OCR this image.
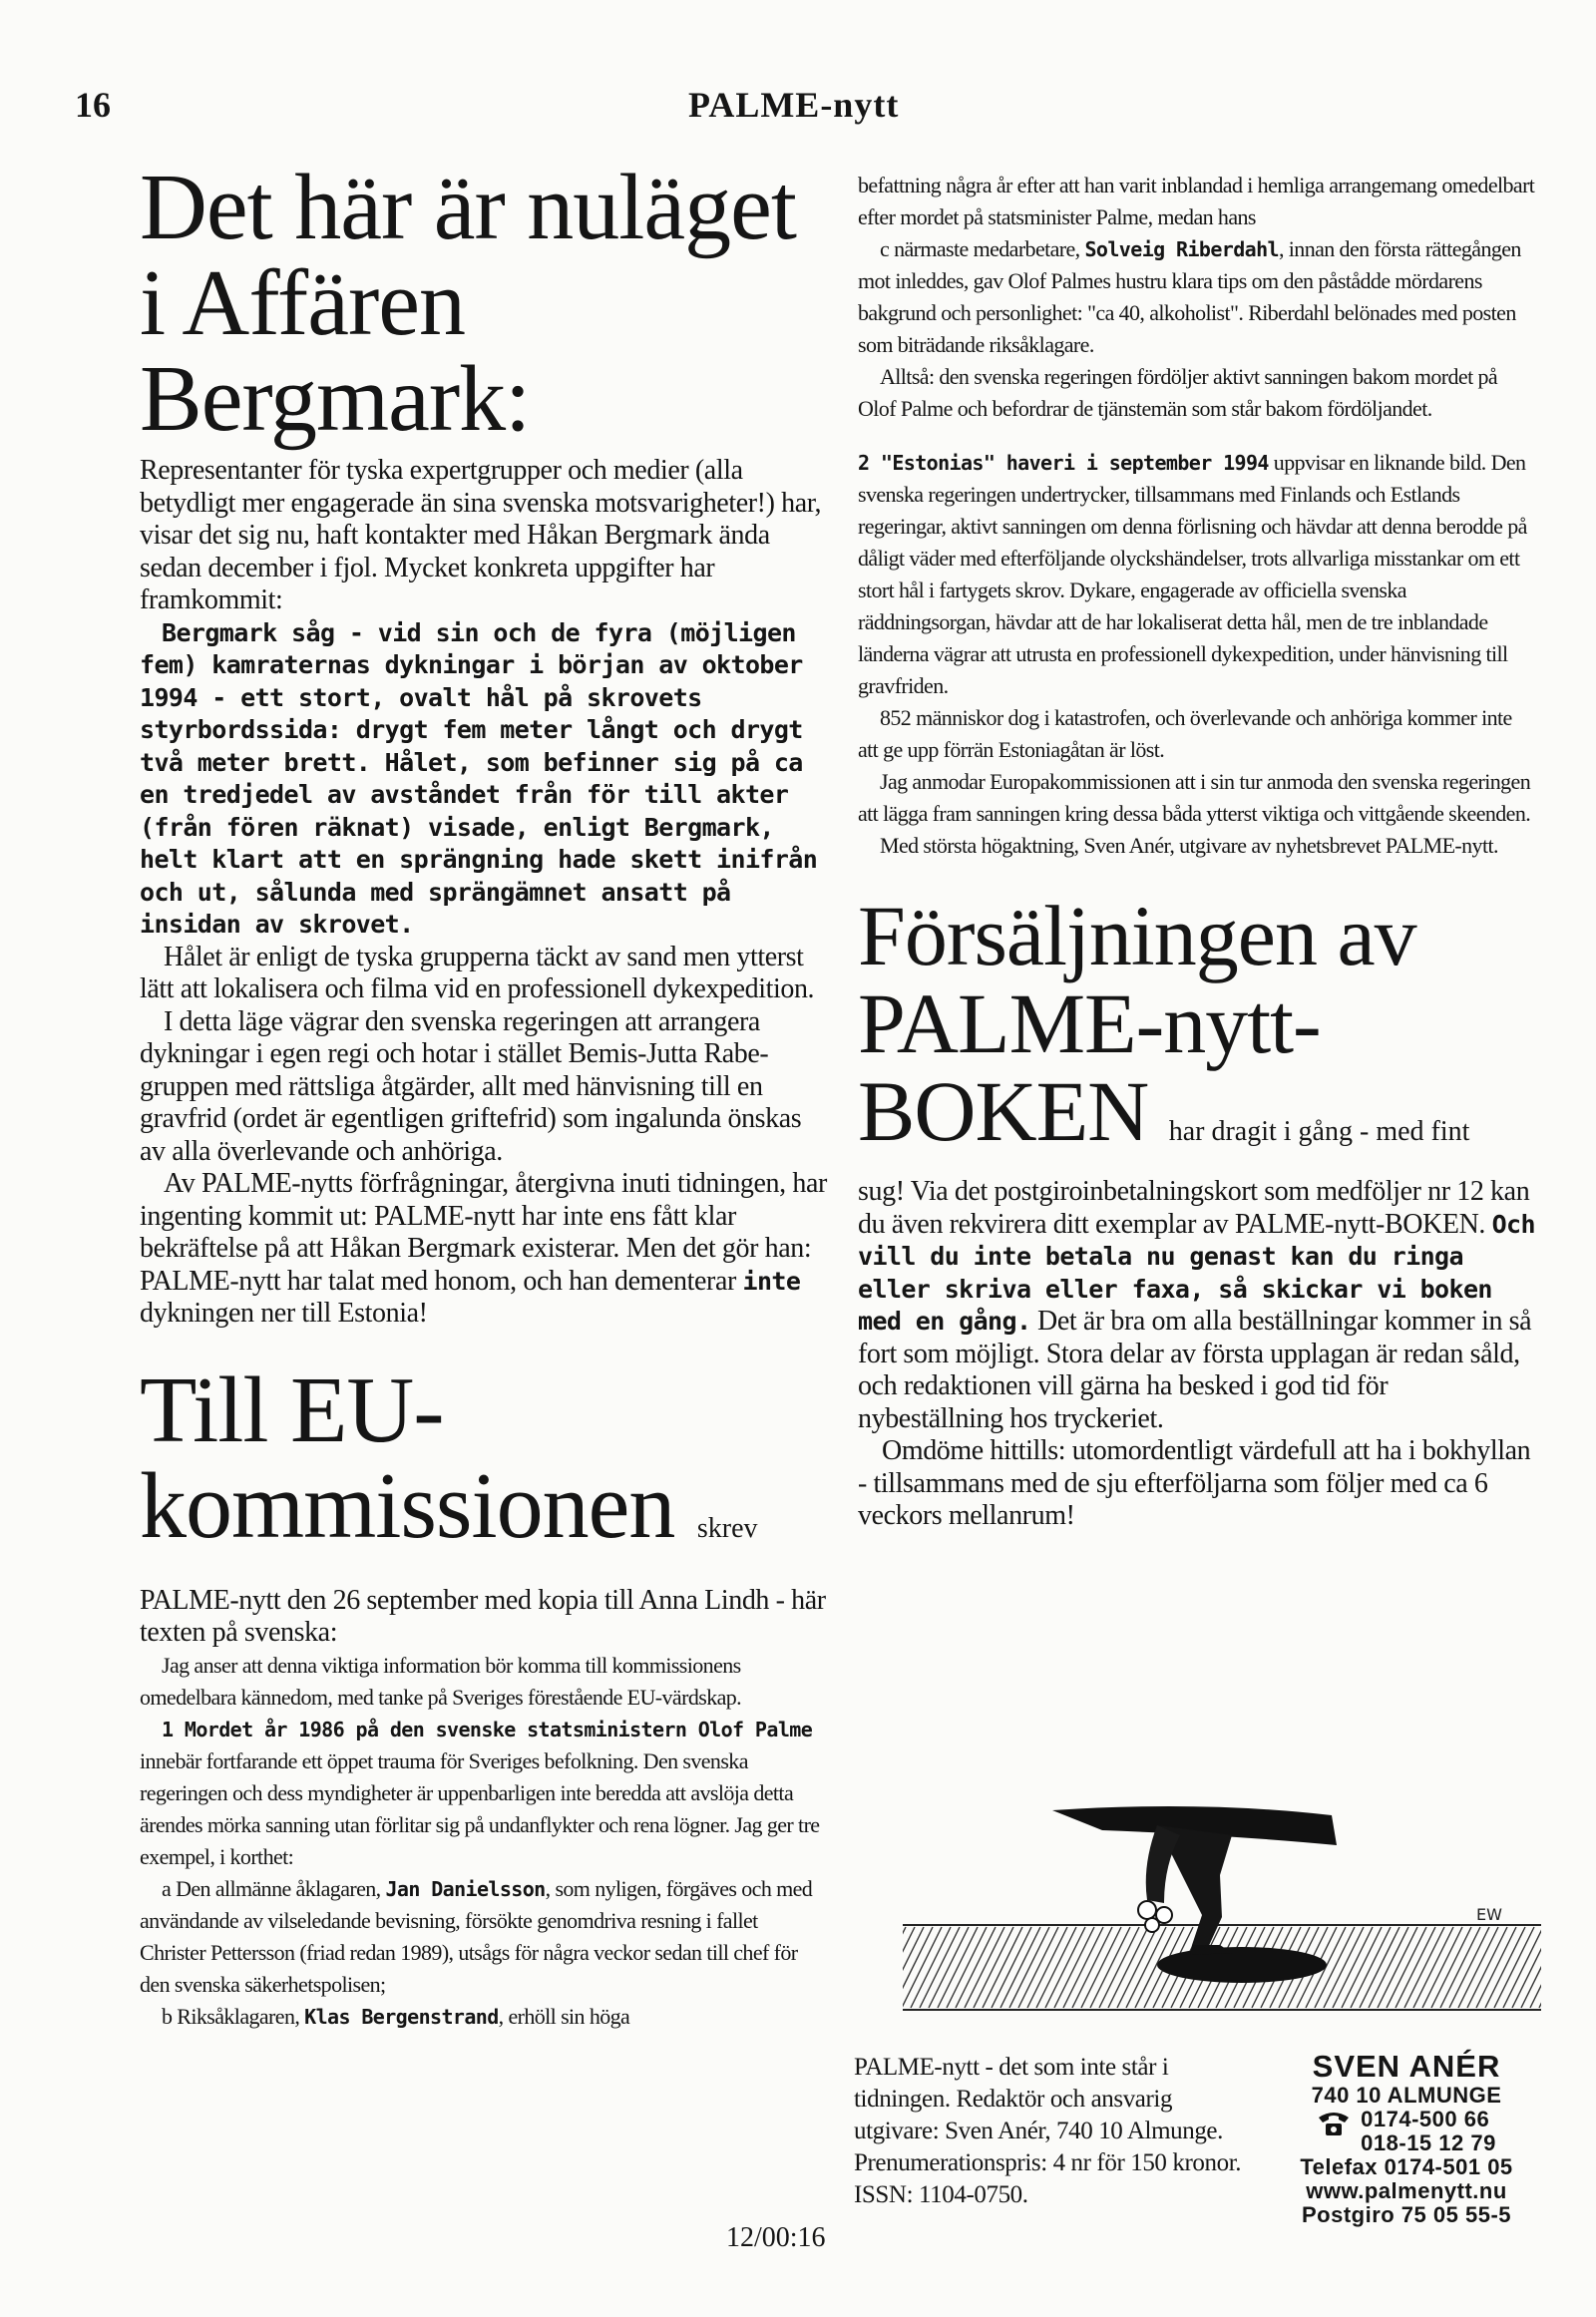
16	PALME-nytt
Det här är nuläget i Affären Bergmark:

Representanter för tyska expertgrupper och medier (alla betydligt mer engagerade än sina svenska motsvarigheter!) har, visar det sig nu, haft kontakter med Håkan Bergmark ända sedan december i fjol. Mycket konkreta uppgifter har framkommit:

Bergmark såg - vid sin och de fyra (möjligen fem) kamraternas dykningar i början av oktober 1994 - ett stort, ovalt hål på skrovets styrbordssida: drygt fem meter långt och drygt två meter brett. Hålet, som befinner sig på ca en tredjedel av avståndet från för till akter (från fören räknat) visade, enligt Bergmark, helt klart att en sprängning hade skett inifrån och ut, sålunda med sprängämnet ansatt på insidan av skrovet.

Hålet är enligt de tyska grupperna täckt av sand men ytterst lätt att lokalisera och filma vid en professionell dykexpedition.

I detta läge vägrar den svenska regeringen att arrangera dykningar i egen regi och hotar i stället Bemis-Jutta Rabe-gruppen med rättsliga åtgärder, allt med hänvisning till en gravfrid (ordet är egentligen griftefrid) som ingalunda önskas av alla överlevande och anhöriga.

Av PALME-nytts förfrågningar, återgivna inuti tidningen, har ingenting kommit ut: PALME-nytt har inte ens fått klar bekräftelse på att Håkan Bergmark existerar. Men det gör han: PALME-nytt har talat med honom, och han dementerar inte dykningen ner till Estonia!

Till EU-kommissionen skrev

PALME-nytt den 26 september med kopia till Anna Lindh - här texten på svenska:

Jag anser att denna viktiga information bör komma till kommissionens omedelbara kännedom, med tanke på Sveriges förestående EU-värdskap.

1 Mordet år 1986 på den svenske statsministern Olof Palme innebär fortfarande ett öppet trauma för Sveriges befolkning. Den svenska regeringen och dess myndigheter är uppenbarligen inte beredda att avslöja detta ärendes mörka sanning utan förlitar sig på undanflykter och rena lögner. Jag ger tre exempel, i korthet:

a Den allmänne åklagaren, Jan Danielsson, som nyligen, förgäves och med användande av vilseledande bevisning, försökte genomdriva resning i fallet Christer Pettersson (friad redan 1989), utsågs för några veckor sedan till chef för den svenska säkerhetspolisen;

b Riksåklagaren, Klas Bergenstrand, erhöll sin höga

befattning några år efter att han varit inblandad i hemliga arrangemang omedelbart efter mordet på statsminister Palme, medan hans

c närmaste medarbetare, Solveig Riberdahl, innan den första rättegången mot inleddes, gav Olof Palmes hustru klara tips om den påstådde mördarens bakgrund och personlighet: "ca 40, alkoholist". Riberdahl belönades med posten som biträdande riksåklagare.

Alltså: den svenska regeringen fördöljer aktivt sanningen bakom mordet på Olof Palme och befordrar de tjänstemän som står bakom fördöljandet.

2 "Estonias" haveri i september 1994 uppvisar en liknande bild. Den svenska regeringen undertrycker, tillsammans med Finlands och Estlands regeringar, aktivt sanningen om denna förlisning och hävdar att denna berodde på dåligt väder med efterföljande olyckshändelser, trots allvarliga misstankar om ett stort hål i fartygets skrov. Dykare, engagerade av officiella svenska räddningsorgan, hävdar att de har lokaliserat detta hål, men de tre inblandade länderna vägrar att utrusta en professionell dykexpedition, under hänvisning till gravfriden.

852 människor dog i katastrofen, och överlevande och anhöriga kommer inte att ge upp förrän Estoniagåtan är löst.

Jag anmodar Europakommissionen att i sin tur anmoda den svenska regeringen att lägga fram sanningen kring dessa båda ytterst viktiga och vittgående skeenden.

Med största högaktning, Sven Anér, utgivare av nyhetsbrevet PALME-nytt.

Försäljningen av
PALME-nytt-
BOKEN har dragit i gång - med fint

sug! Via det postgiroinbetalningskort som medföljer nr 12 kan du även rekvirera ditt exemplar av PALME-nytt-BOKEN. Och vill du inte betala nu genast kan du ringa eller skriva eller faxa, så skickar vi boken med en gång. Det är bra om alla beställningar kommer in så fort som möjligt. Stora delar av första upplagan är redan såld, och redaktionen vill gärna ha besked i god tid för nybeställning hos tryckeriet.

Omdöme hittills: utomordentligt värdefull att ha i bokhyllan - tillsammans med de sju efterföljarna som följer med ca 6 veckors mellanrum!

EW
PALME-nytt - det som inte står i tidningen. Redaktör och ansvarig utgivare: Sven Anér, 740 10 Almunge. Prenumerationspris: 4 nr för 150 kronor. ISSN: 1104-0750.
SVEN ANÉR
740 10 ALMUNGE
0174-500 66
018-15 12 79
Telefax 0174-501 05
www.palmenytt.nu
Postgiro 75 05 55-5
12/00:16
